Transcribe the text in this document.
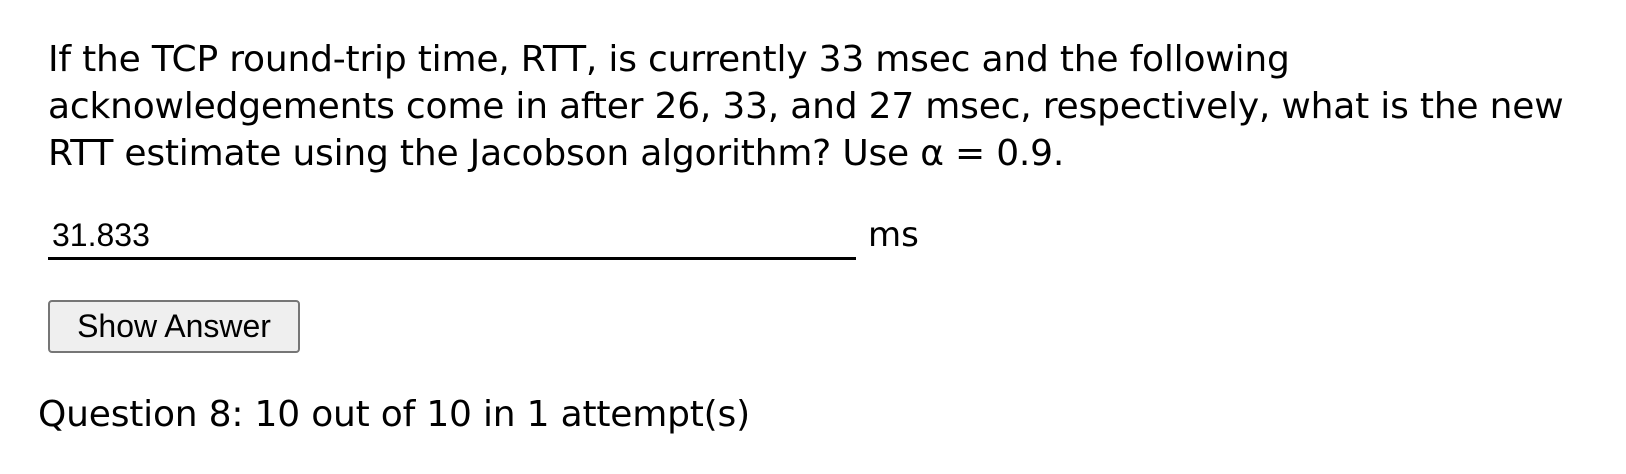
If the TCP round-trip time, RTT, is currently 33 msec and the following acknowledgements come in after 26, 33, and 27 msec, respectively, what is the new RTT estimate using the Jacobson algorithm? Use α = 0.9.

31.833
ms
Show Answer

Question 8: 10 out of 10 in 1 attempt(s)
